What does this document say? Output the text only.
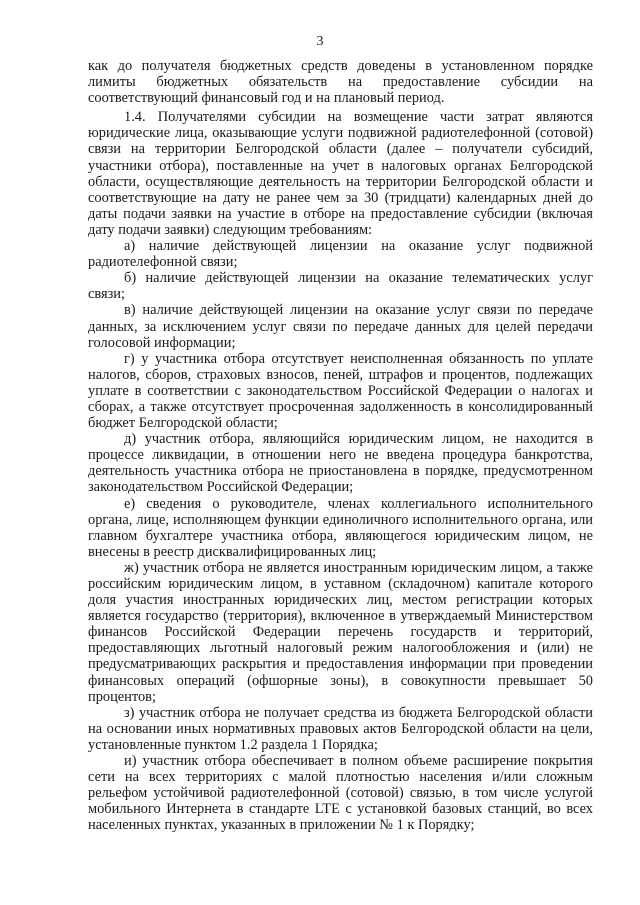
3

как до получателя бюджетных средств доведены в установленном порядке лимиты бюджетных обязательств на предоставление субсидии на соответствующий финансовый год и на плановый период.

1.4. Получателями субсидии на возмещение части затрат являются юридические лица, оказывающие услуги подвижной радиотелефонной (сотовой) связи на территории Белгородской области (далее – получатели субсидий, участники отбора), поставленные на учет в налоговых органах Белгородской области, осуществляющие деятельность на территории Белгородской области и соответствующие на дату не ранее чем за 30 (тридцати) календарных дней до даты подачи заявки на участие в отборе на предоставление субсидии (включая дату подачи заявки) следующим требованиям:

а) наличие действующей лицензии на оказание услуг подвижной радиотелефонной связи;

б) наличие действующей лицензии на оказание телематических услуг связи;

в) наличие действующей лицензии на оказание услуг связи по передаче данных, за исключением услуг связи по передаче данных для целей передачи голосовой информации;

г) у участника отбора отсутствует неисполненная обязанность по уплате налогов, сборов, страховых взносов, пеней, штрафов и процентов, подлежащих уплате в соответствии с законодательством Российской Федерации о налогах и сборах, а также отсутствует просроченная задолженность в консолидированный бюджет Белгородской области;

д) участник отбора, являющийся юридическим лицом, не находится в процессе ликвидации, в отношении него не введена процедура банкротства, деятельность участника отбора не приостановлена в порядке, предусмотренном законодательством Российской Федерации;

е) сведения о руководителе, членах коллегиального исполнительного органа, лице, исполняющем функции единоличного исполнительного органа, или главном бухгалтере участника отбора, являющегося юридическим лицом, не внесены в реестр дисквалифицированных лиц;

ж) участник отбора не является иностранным юридическим лицом, а также российским юридическим лицом, в уставном (складочном) капитале которого доля участия иностранных юридических лиц, местом регистрации которых является государство (территория), включенное в утверждаемый Министерством финансов Российской Федерации перечень государств и территорий, предоставляющих льготный налоговый режим налогообложения и (или) не предусматривающих раскрытия и предоставления информации при проведении финансовых операций (офшорные зоны), в совокупности превышает 50 процентов;

з) участник отбора не получает средства из бюджета Белгородской области на основании иных нормативных правовых актов Белгородской области на цели, установленные пунктом 1.2 раздела 1 Порядка;

и) участник отбора обеспечивает в полном объеме расширение покрытия сети на всех территориях с малой плотностью населения и/или сложным рельефом устойчивой радиотелефонной (сотовой) связью, в том числе услугой мобильного Интернета в стандарте LTE с установкой базовых станций, во всех населенных пунктах, указанных в приложении № 1 к Порядку;
